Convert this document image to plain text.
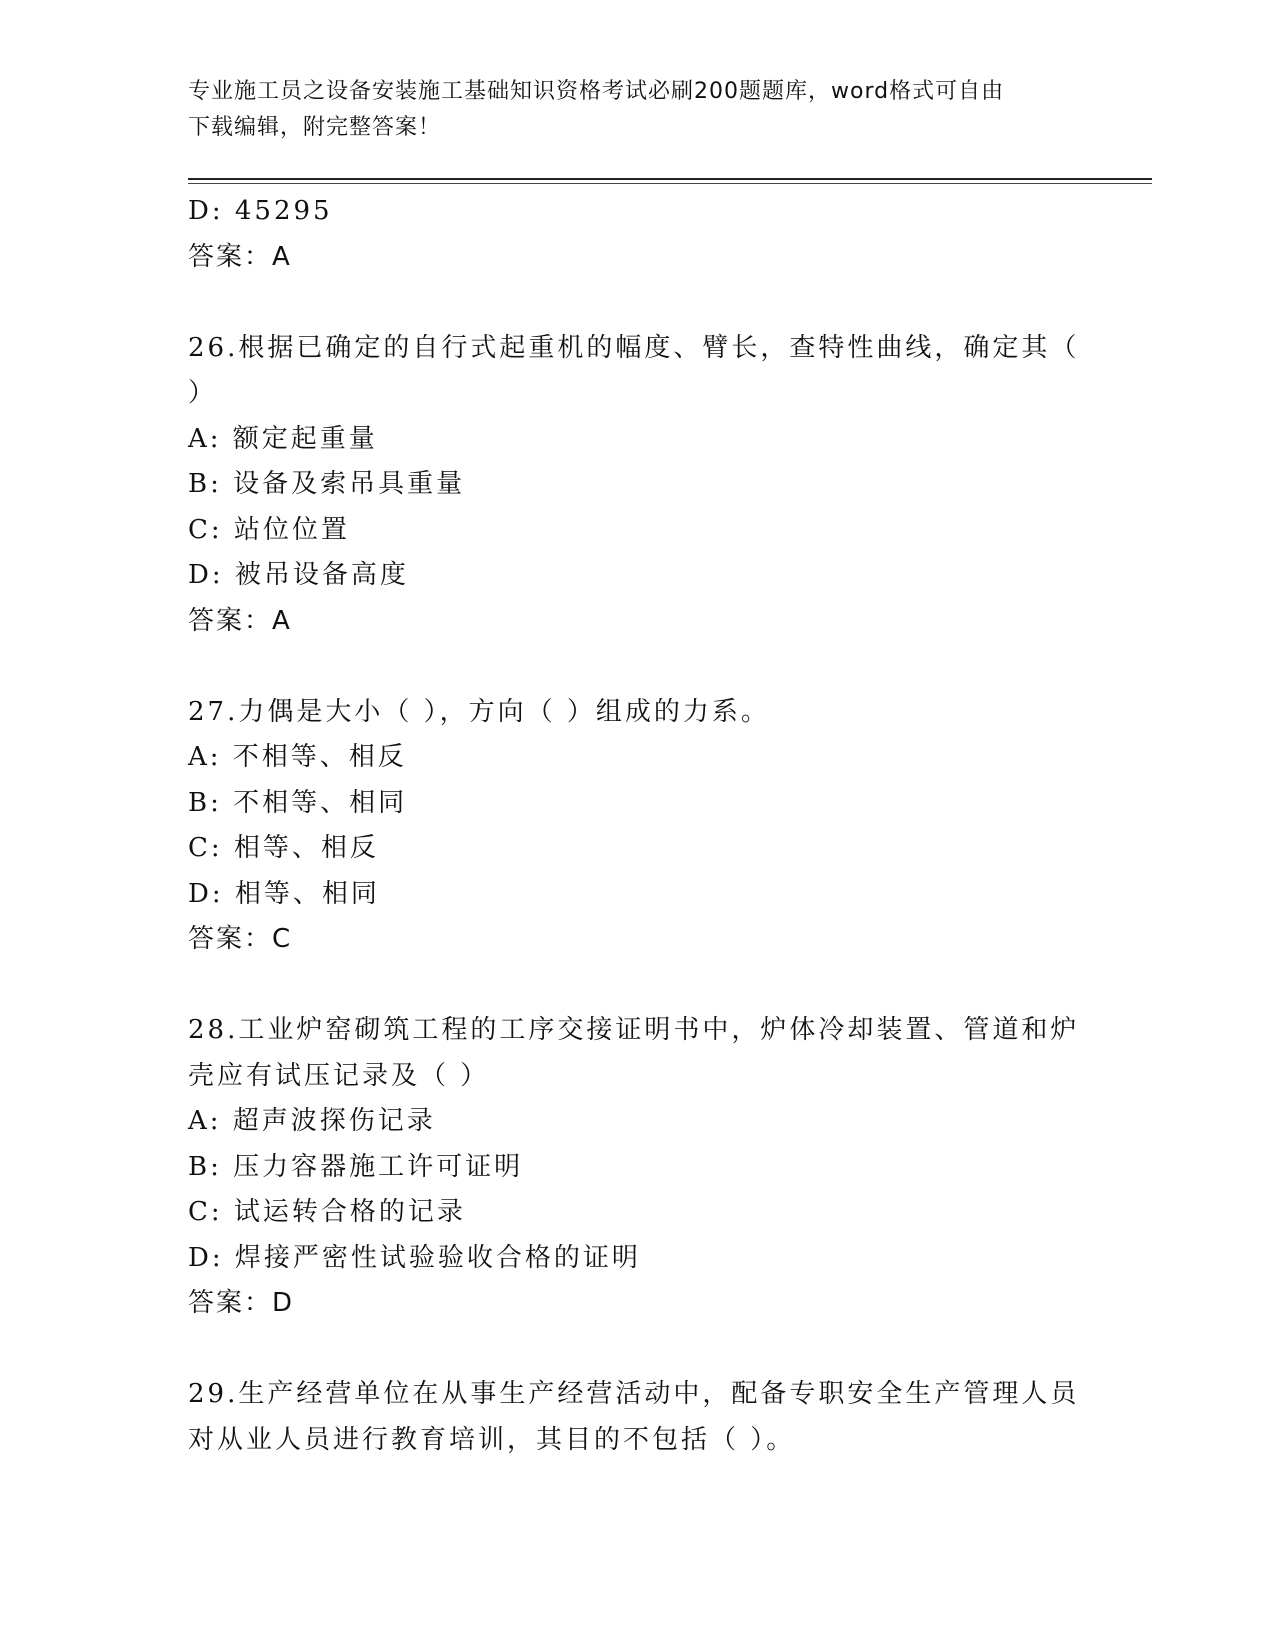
专业施工员之设备安装施工基础知识资格考试必刷200题题库，word格式可自由
下载编辑，附完整答案！
D: 45295
答案：A
26.根据已确定的自行式起重机的幅度、臂长，查特性曲线，确定其（
）
A: 额定起重量
B: 设备及索吊具重量
C: 站位位置
D: 被吊设备高度
答案：A
27.力偶是大小（ ），方向（ ）组成的力系。
A: 不相等、相反
B: 不相等、相同
C: 相等、相反
D: 相等、相同
答案：C
28.工业炉窑砌筑工程的工序交接证明书中，炉体冷却装置、管道和炉
壳应有试压记录及（ ）
A: 超声波探伤记录
B: 压力容器施工许可证明
C: 试运转合格的记录
D: 焊接严密性试验验收合格的证明
答案：D
29.生产经营单位在从事生产经营活动中，配备专职安全生产管理人员
对从业人员进行教育培训，其目的不包括（ ）。
